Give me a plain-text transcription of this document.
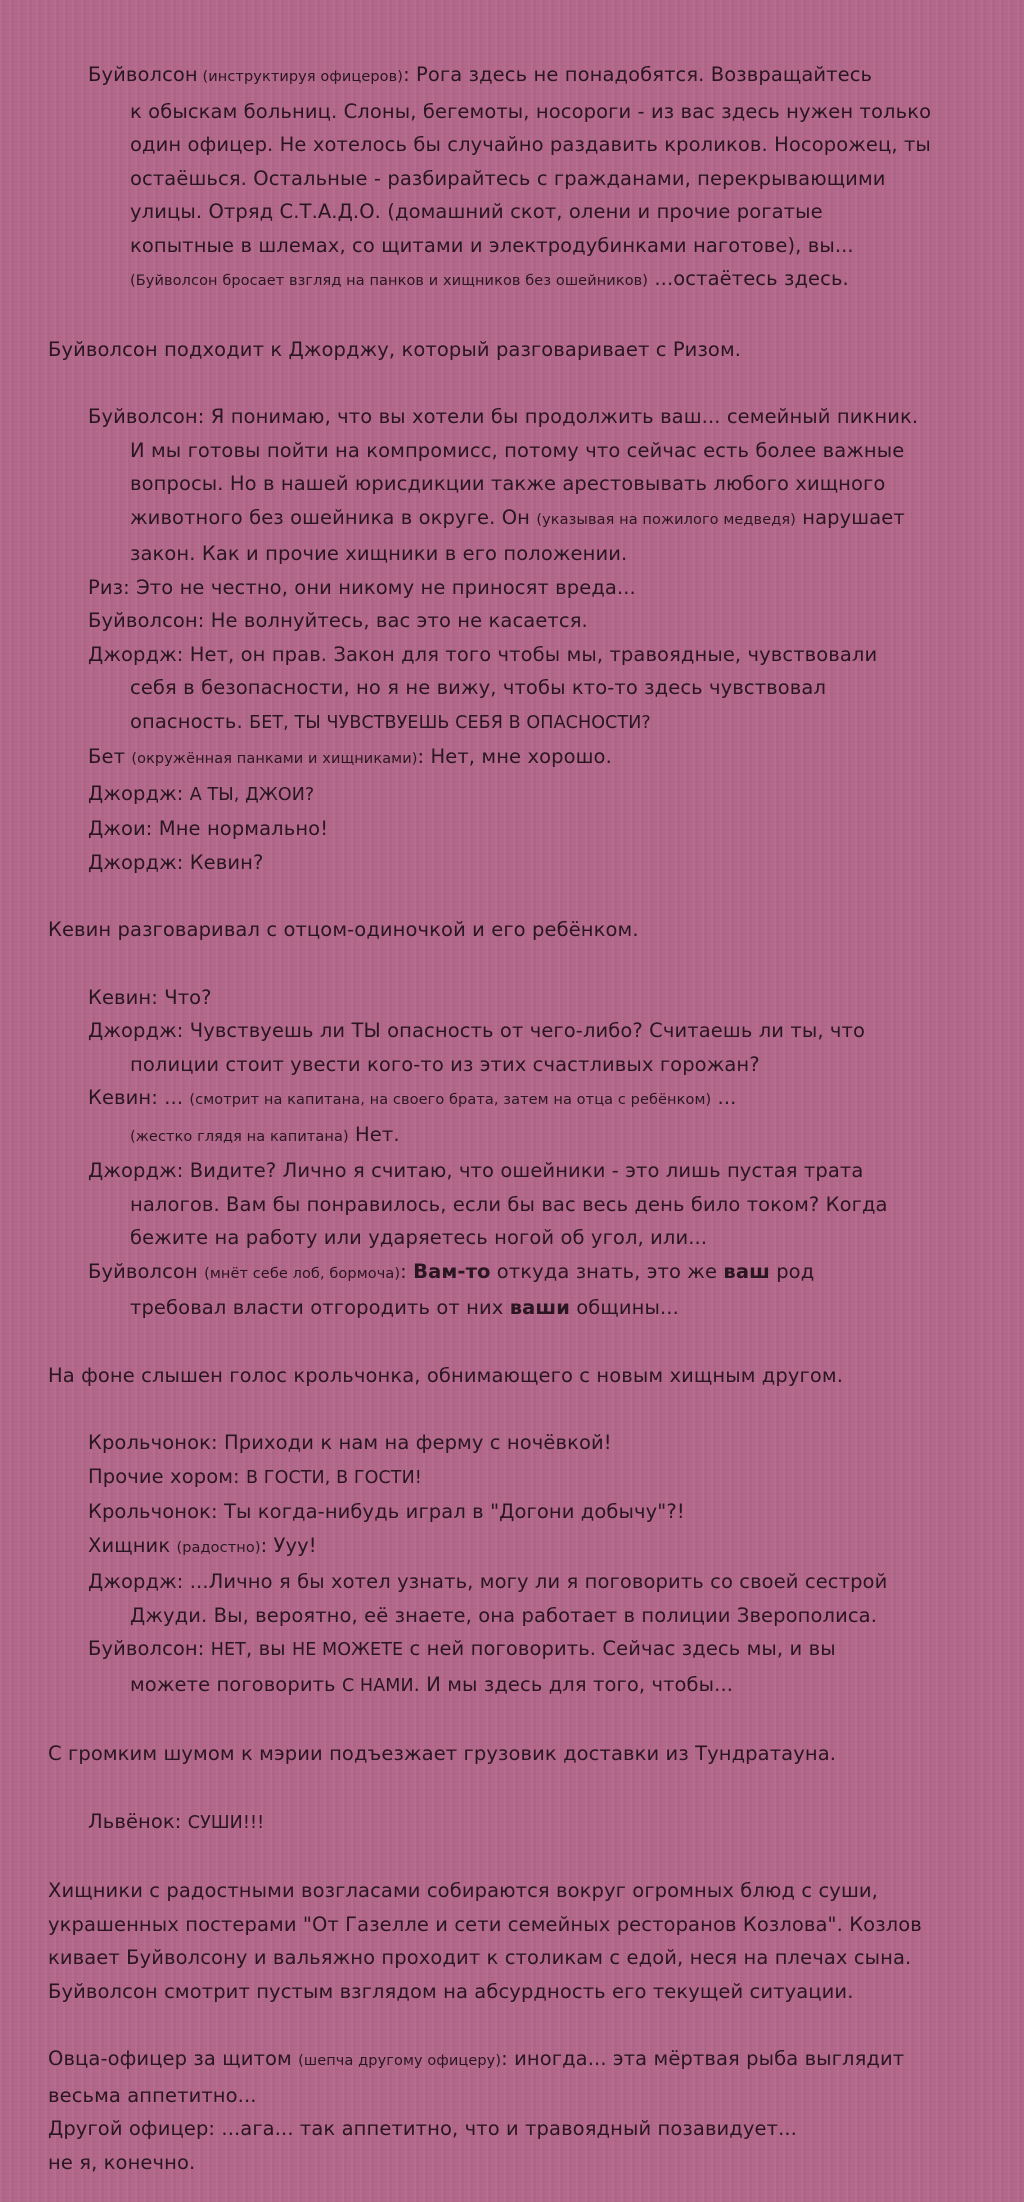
Буйволсон (инструктируя офицеров): Рога здесь не понадобятся. Возвращайтесь
к обыскам больниц. Слоны, бегемоты, носороги - из вас здесь нужен только
один офицер. Не хотелось бы случайно раздавить кроликов. Носорожец, ты
остаёшься. Остальные - разбирайтесь с гражданами, перекрывающими
улицы. Отряд С.Т.А.Д.О. (домашний скот, олени и прочие рогатые
копытные в шлемах, со щитами и электродубинками наготове), вы...
(Буйволсон бросает взгляд на панков и хищников без ошейников) ...остаётесь здесь.
Буйволсон подходит к Джорджу, который разговаривает с Ризом.
Буйволсон: Я понимаю, что вы хотели бы продолжить ваш... семейный пикник.
И мы готовы пойти на компромисс, потому что сейчас есть более важные
вопросы. Но в нашей юрисдикции также арестовывать любого хищного
животного без ошейника в округе. Он (указывая на пожилого медведя) нарушает
закон. Как и прочие хищники в его положении.
Риз: Это не честно, они никому не приносят вреда...
Буйволсон: Не волнуйтесь, вас это не касается.
Джордж: Нет, он прав. Закон для того чтобы мы, травоядные, чувствовали
себя в безопасности, но я не вижу, чтобы кто-то здесь чувствовал
опасность. БЕТ, ТЫ ЧУВСТВУЕШЬ СЕБЯ В ОПАСНОСТИ?
Бет (окружённая панками и хищниками): Нет, мне хорошо.
Джордж: А ТЫ, ДЖОИ?
Джои: Мне нормально!
Джордж: Кевин?
Кевин разговаривал с отцом-одиночкой и его ребёнком.
Кевин: Что?
Джордж: Чувствуешь ли ТЫ опасность от чего-либо? Считаешь ли ты, что
полиции стоит увести кого-то из этих счастливых горожан?
Кевин: ... (смотрит на капитана, на своего брата, затем на отца с ребёнком) ...
(жестко глядя на капитана) Нет.
Джордж: Видите? Лично я считаю, что ошейники - это лишь пустая трата
налогов. Вам бы понравилось, если бы вас весь день било током? Когда
бежите на работу или ударяетесь ногой об угол, или...
Буйволсон (мнёт себе лоб, бормоча): Вам-то откуда знать, это же ваш род
требовал власти отгородить от них ваши общины...
На фоне слышен голос крольчонка, обнимающего с новым хищным другом.
Крольчонок: Приходи к нам на ферму с ночёвкой!
Прочие хором: В ГОСТИ, В ГОСТИ!
Крольчонок: Ты когда-нибудь играл в "Догони добычу"?!
Хищник (радостно): Ууу!
Джордж: ...Лично я бы хотел узнать, могу ли я поговорить со своей сестрой
Джуди. Вы, вероятно, её знаете, она работает в полиции Зверополиса.
Буйволсон: НЕТ, вы НЕ МОЖЕТЕ с ней поговорить. Сейчас здесь мы, и вы
можете поговорить С НАМИ. И мы здесь для того, чтобы...
С громким шумом к мэрии подъезжает грузовик доставки из Тундратауна.
Львёнок: СУШИ!!!
Хищники с радостными возгласами собираются вокруг огромных блюд с суши,
украшенных постерами "От Газелле и сети семейных ресторанов Козлова". Козлов
кивает Буйволсону и вальяжно проходит к столикам с едой, неся на плечах сына.
Буйволсон смотрит пустым взглядом на абсурдность его текущей ситуации.
Овца-офицер за щитом (шепча другому офицеру): иногда... эта мёртвая рыба выглядит
весьма аппетитно...
Другой офицер: ...ага... так аппетитно, что и травоядный позавидует...
не я, конечно.
